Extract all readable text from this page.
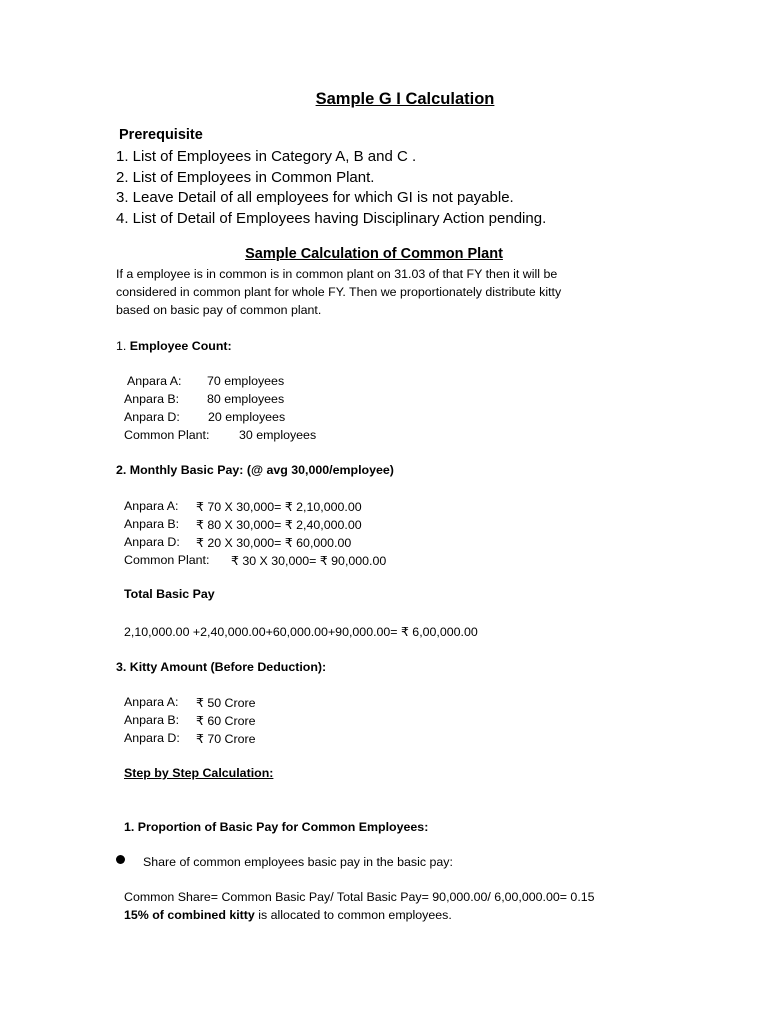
Sample G I Calculation
Prerequisite
1. List of Employees in Category A, B and C .
2. List of Employees in Common Plant.
3. Leave Detail of all employees for which GI is not payable.
4. List of Detail of Employees having Disciplinary Action pending.
Sample Calculation of Common Plant
If a employee is in common is in common plant on 31.03 of that FY then it will be
considered in common plant for whole FY. Then we proportionately distribute kitty
based on basic pay of common plant.
1. Employee Count:
Anpara A: 70 employees
Anpara B: 80 employees
Anpara D: 20 employees
Common Plant: 30 employees
2. Monthly Basic Pay: (@ avg 30,000/employee)
Anpara A: ₹ 70 X 30,000= ₹ 2,10,000.00
Anpara B: ₹ 80 X 30,000= ₹ 2,40,000.00
Anpara D: ₹ 20 X 30,000= ₹ 60,000.00
Common Plant: ₹ 30 X 30,000= ₹ 90,000.00
Total Basic Pay
2,10,000.00 +2,40,000.00+60,000.00+90,000.00= ₹ 6,00,000.00
3. Kitty Amount (Before Deduction):
Anpara A: ₹ 50 Crore
Anpara B: ₹ 60 Crore
Anpara D: ₹ 70 Crore
Step by Step Calculation:
1. Proportion of Basic Pay for Common Employees:
Share of common employees basic pay in the basic pay:
Common Share= Common Basic Pay/ Total Basic Pay= 90,000.00/ 6,00,000.00= 0.15
15% of combined kitty is allocated to common employees.
